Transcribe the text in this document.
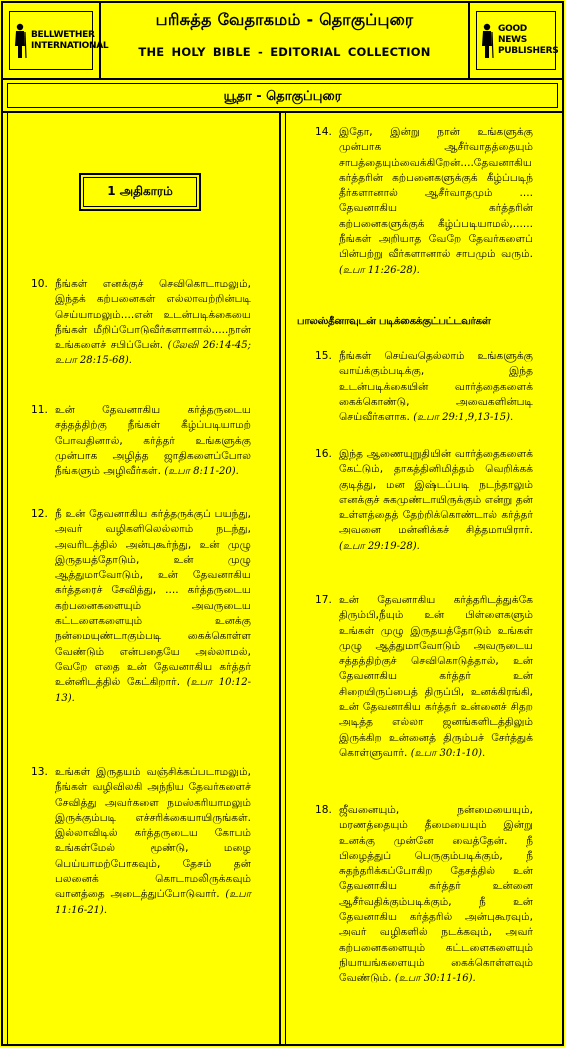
BELLWETHER INTERNATIONAL
பரிசுத்த வேதாகமம் - தொகுப்புரை
THE HOLY BIBLE - EDITORIAL COLLECTION
GOOD NEWS PUBLISHERS
யூதா - தொகுப்புரை
1 அதிகாரம்
10. நீங்கள் எனக்குச் செவிகொடாமலும், இந்தக் கற்பனைகள் எல்லாவற்றின்படி செய்யாமலும்....என் உடன்படிக்கையை நீங்கள் மீறிப்போடுவீர்களானால்.....நான் உங்களைச் சபிப்பேன். (லேவி 26:14-45; உபா 28:15-68).
11. உன் தேவனாகிய கர்த்தருடைய சத்தத்திற்கு நீங்கள் கீழ்ப்படியாமற் போவதினால், கர்த்தர் உங்களுக்கு முன்பாக அழித்த ஜாதிகளைப்போல நீங்களும் அழிவீர்கள். (உபா 8:11-20).
12. நீ உன் தேவனாகிய கர்த்தருக்குப் பயந்து, அவர் வழிகளிலெல்லாம் நடந்து, அவரிடத்தில் அன்புகூர்ந்து, உன் முழு இருதயத்தோடும், உன் முழு ஆத்துமாவோடும், உன் தேவனாகிய கர்த்தரைச் சேவித்து, .... கர்த்தருடைய கற்பனைகளையும் அவருடைய கட்டளைகளையும் உனக்கு நன்மையுண்டாகும்படி கைக்கொள்ள வேண்டும் என்பதையே அல்லாமல், வேறே எதை உன் தேவனாகிய கர்த்தர் உன்னிடத்தில் கேட்கிறார். (உபா 10:12-13).
13. உங்கள் இருதயம் வஞ்சிக்கப்படாமலும், நீங்கள் வழிவிலகி அந்நிய தேவர்களைச் சேவித்து அவர்களை நமஸ்கரியாமலும் இருக்கும்படி எச்சரிக்கையாயிருங்கள். இல்லாவிடில் கர்த்தருடைய கோபம் உங்கள்மேல் மூண்டு, மழை பெய்யாமற்போகவும், தேசம் தன் பலனைக் கொடாமலிருக்கவும் வானத்தை அடைத்துப்போடுவார். (உபா 11:16-21).
14. இதோ, இன்று நான் உங்களுக்கு முன்பாக ஆசீர்வாதத்தையும் சாபத்தையும்வைக்கிறேன்....தேவனாகிய கர்த்தரின் கற்பனைகளுக்குக் கீழ்ப்படிந் தீர்களானால் ஆசீர்வாதமும் .... தேவனாகிய கர்த்தரின் கற்பனைகளுக்குக் கீழ்ப்படியாமல்,...... நீங்கள் அறியாத வேறே தேவர்களைப் பின்பற்று வீர்களானால் சாபமும் வரும். (உபா 11:26-28).
பாலஸ்தீனாவுடன் படிக்கைக்குட்பட்டவர்கள்
15. நீங்கள் செய்வதெல்லாம் உங்களுக்கு வாய்க்கும்படிக்கு, இந்த உடன்படிக்கையின் வார்த்தைகளைக் கைக்கொண்டு, அவைகளின்படி செய்வீர்களாக. (உபா 29:1,9,13-15).
16. இந்த ஆணையுறுதியின் வார்த்தைகளைக் கேட்டும், தாகத்தினிமித்தம் வெறிக்கக் குடித்து, மன இஷ்டப்படி நடந்தாலும் எனக்குச் சுகமுண்டாயிருக்கும் என்று தன் உள்ளத்தைத் தேற்றிக்கொண்டால் கர்த்தர் அவனை மன்னிக்கச் சித்தமாயிரார். (உபா 29:19-28).
17. உன் தேவனாகிய கர்த்தரிடத்துக்கே திரும்பி,நீயும் உன் பிள்ளைகளும் உங்கள் முழு இருதயத்தோடும் உங்கள் முழு ஆத்துமாவோடும் அவருடைய சத்தத்திற்குச் செவிகொடுத்தால், உன் தேவனாகிய கர்த்தர் உன் சிறையிருப்பைத் திருப்பி, உனக்கிரங்கி, உன் தேவனாகிய கர்த்தர் உன்னைச் சிதற அடித்த எல்லா ஜனங்களிடத்திலும் இருக்கிற உன்னைத் திரும்பச் சேர்த்துக் கொள்ளுவார். (உபா 30:1-10).
18. ஜீவனையும், நன்மையையும், மரணத்தையும் தீமையையும் இன்று உனக்கு முன்னே வைத்தேன். நீ பிழைத்துப் பெருகும்படிக்கும், நீ சுதந்தரிக்கப்போகிற தேசத்தில் உன் தேவனாகிய கர்த்தர் உன்னை ஆசீர்வதிக்கும்படிக்கும், நீ உன் தேவனாகிய கர்த்தரில் அன்புகூரவும், அவர் வழிகளில் நடக்கவும், அவர் கற்பனைகளையும் கட்டளைகளையும் நியாயங்களையும் கைக்கொள்ளவும் வேண்டும். (உபா 30:11-16).
